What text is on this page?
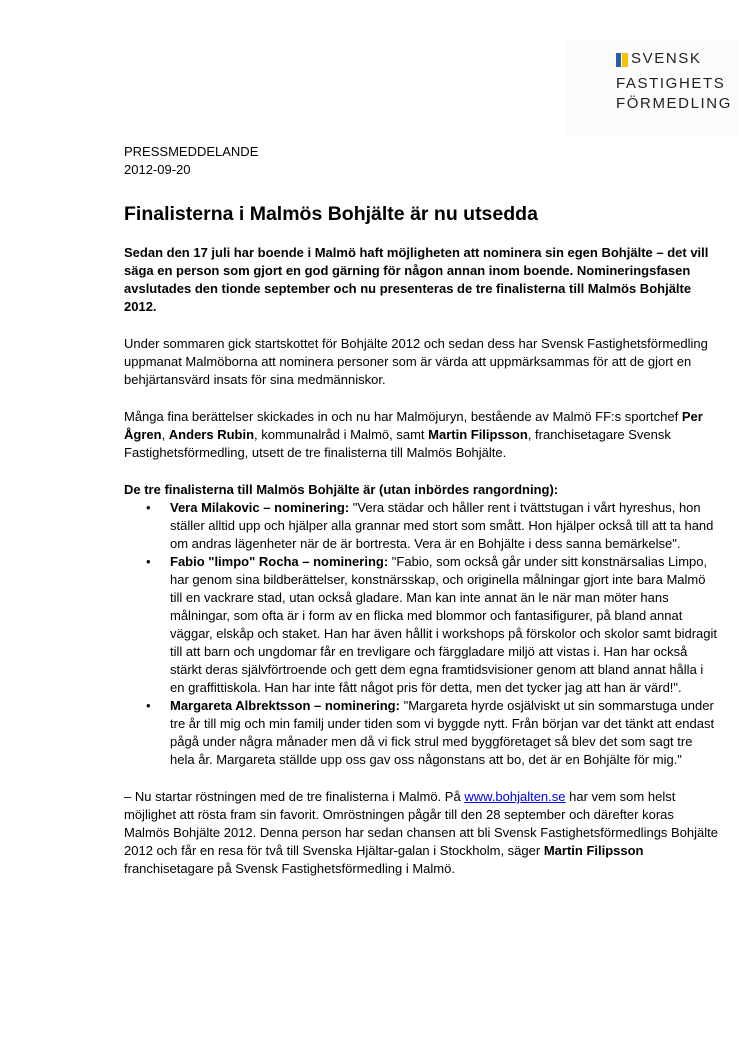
SVENSK
FASTIGHETS
FÖRMEDLING
PRESSMEDDELANDE
2012-09-20
Finalisterna i Malmös Bohjälte är nu utsedda

Sedan den 17 juli har boende i Malmö haft möjligheten att nominera sin egen Bohjälte – det vill säga en person som gjort en god gärning för någon annan inom boende. Nomineringsfasen avslutades den tionde september och nu presenteras de tre finalisterna till Malmös Bohjälte 2012.

Under sommaren gick startskottet för Bohjälte 2012 och sedan dess har Svensk Fastighetsförmedling uppmanat Malmöborna att nominera personer som är värda att uppmärksammas för att de gjort en behjärtansvärd insats för sina medmänniskor.

Många fina berättelser skickades in och nu har Malmöjuryn, bestående av Malmö FF:s sportchef Per Ågren, Anders Rubin, kommunalråd i Malmö, samt Martin Filipsson, franchisetagare Svensk Fastighetsförmedling, utsett de tre finalisterna till Malmös Bohjälte.

De tre finalisterna till Malmös Bohjälte är (utan inbördes rangordning):
• Vera Milakovic – nominering: "Vera städar och håller rent i tvättstugan i vårt hyreshus, hon ställer alltid upp och hjälper alla grannar med stort som smått. Hon hjälper också till att ta hand om andras lägenheter när de är bortresta. Vera är en Bohjälte i dess sanna bemärkelse".
• Fabio "limpo" Rocha – nominering: "Fabio, som också går under sitt konstnärsalias Limpo, har genom sina bildberättelser, konstnärsskap, och originella målningar gjort inte bara Malmö till en vackrare stad, utan också gladare. Man kan inte annat än le när man möter hans målningar, som ofta är i form av en flicka med blommor och fantasifigurer, på bland annat väggar, elskåp och staket. Han har även hållit i workshops på förskolor och skolor samt bidragit till att barn och ungdomar får en trevligare och färggladare miljö att vistas i. Han har också stärkt deras självförtroende och gett dem egna framtidsvisioner genom att bland annat hålla i en graffittiskola. Han har inte fått något pris för detta, men det tycker jag att han är värd!".
• Margareta Albrektsson – nominering: "Margareta hyrde osjälviskt ut sin sommarstuga under tre år till mig och min familj under tiden som vi byggde nytt. Från början var det tänkt att endast pågå under några månader men då vi fick strul med byggföretaget så blev det som sagt tre hela år. Margareta ställde upp oss gav oss någonstans att bo, det är en Bohjälte för mig."

– Nu startar röstningen med de tre finalisterna i Malmö. På www.bohjalten.se har vem som helst möjlighet att rösta fram sin favorit. Omröstningen pågår till den 28 september och därefter koras Malmös Bohjälte 2012. Denna person har sedan chansen att bli Svensk Fastighetsförmedlings Bohjälte 2012 och får en resa för två till Svenska Hjältar-galan i Stockholm, säger Martin Filipsson franchisetagare på Svensk Fastighetsförmedling i Malmö.
